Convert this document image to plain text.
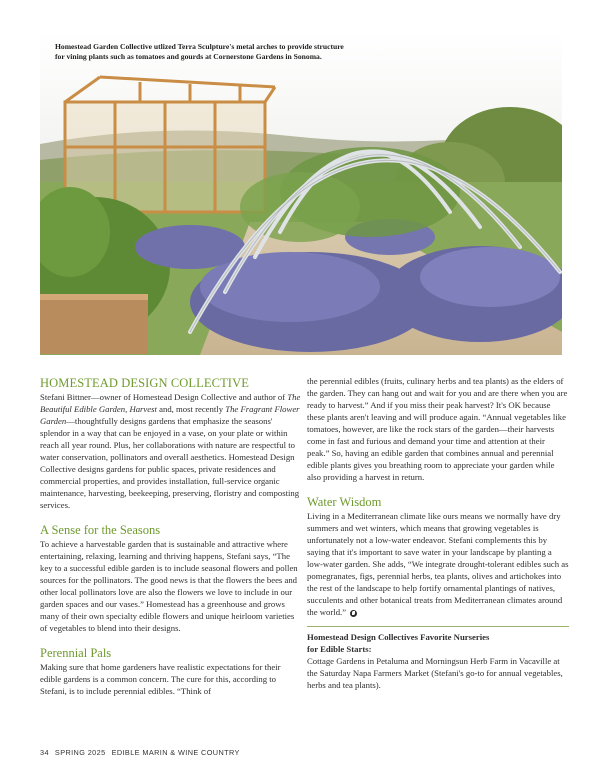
Homestead Garden Collective utlized Terra Sculpture's metal arches to provide structure
for vining plants such as tomatoes and gourds at Cornerstone Gardens in Sonoma.

HOMESTEAD DESIGN COLLECTIVE

Stefani Bittner—owner of Homestead Design Collective and author of The Beautiful Edible Garden, Harvest and, most recently The Fragrant Flower Garden—thoughtfully designs gardens that emphasize the seasons' splendor in a way that can be enjoyed in a vase, on your plate or within reach all year round. Plus, her collaborations with nature are respectful to water conservation, pollinators and overall aesthetics. Homestead Design Collective designs gardens for public spaces, private residences and commercial properties, and provides installation, full-service organic maintenance, harvesting, beekeeping, preserving, floristry and composting services.

A Sense for the Seasons

To achieve a harvestable garden that is sustainable and attractive where entertaining, relaxing, learning and thriving happens, Stefani says, “The key to a successful edible garden is to include seasonal flowers and pollen sources for the pollinators. The good news is that the flowers the bees and other local pollinators love are also the flowers we love to include in our garden spaces and our vases.” Homestead has a greenhouse and grows many of their own specialty edible flowers and unique heirloom varieties of vegetables to blend into their designs.

Perennial Pals

Making sure that home gardeners have realistic expectations for their edible gardens is a common concern. The cure for this, according to Stefani, is to include perennial edibles. “Think of

the perennial edibles (fruits, culinary herbs and tea plants) as the elders of the garden. They can hang out and wait for you and are there when you are ready to harvest.” And if you miss their peak harvest? It's OK because these plants aren't leaving and will produce again. “Annual vegetables like tomatoes, however, are like the rock stars of the garden—their harvests come in fast and furious and demand your time and attention at their peak.” So, having an edible garden that combines annual and perennial edible plants gives you breathing room to appreciate your garden while also providing a harvest in return.

Water Wisdom

Living in a Mediterranean climate like ours means we normally have dry summers and wet winters, which means that growing vegetables is unfortunately not a low-water endeavor. Stefani complements this by saying that it's important to save water in your landscape by planting a low-water garden. She adds, “We integrate drought-tolerant edibles such as pomegranates, figs, perennial herbs, tea plants, olives and artichokes into the rest of the landscape to help fortify ornamental plantings of natives, succulents and other botanical treats from Mediterranean climates around the world.”

Homestead Design Collectives Favorite Nurseries
for Edible Starts:

Cottage Gardens in Petaluma and Morningsun Herb Farm in Vacaville at the Saturday Napa Farmers Market (Stefani's go-to for annual vegetables, herbs and tea plants).

34 SPRING 2025 EDIBLE MARIN & WINE COUNTRY
